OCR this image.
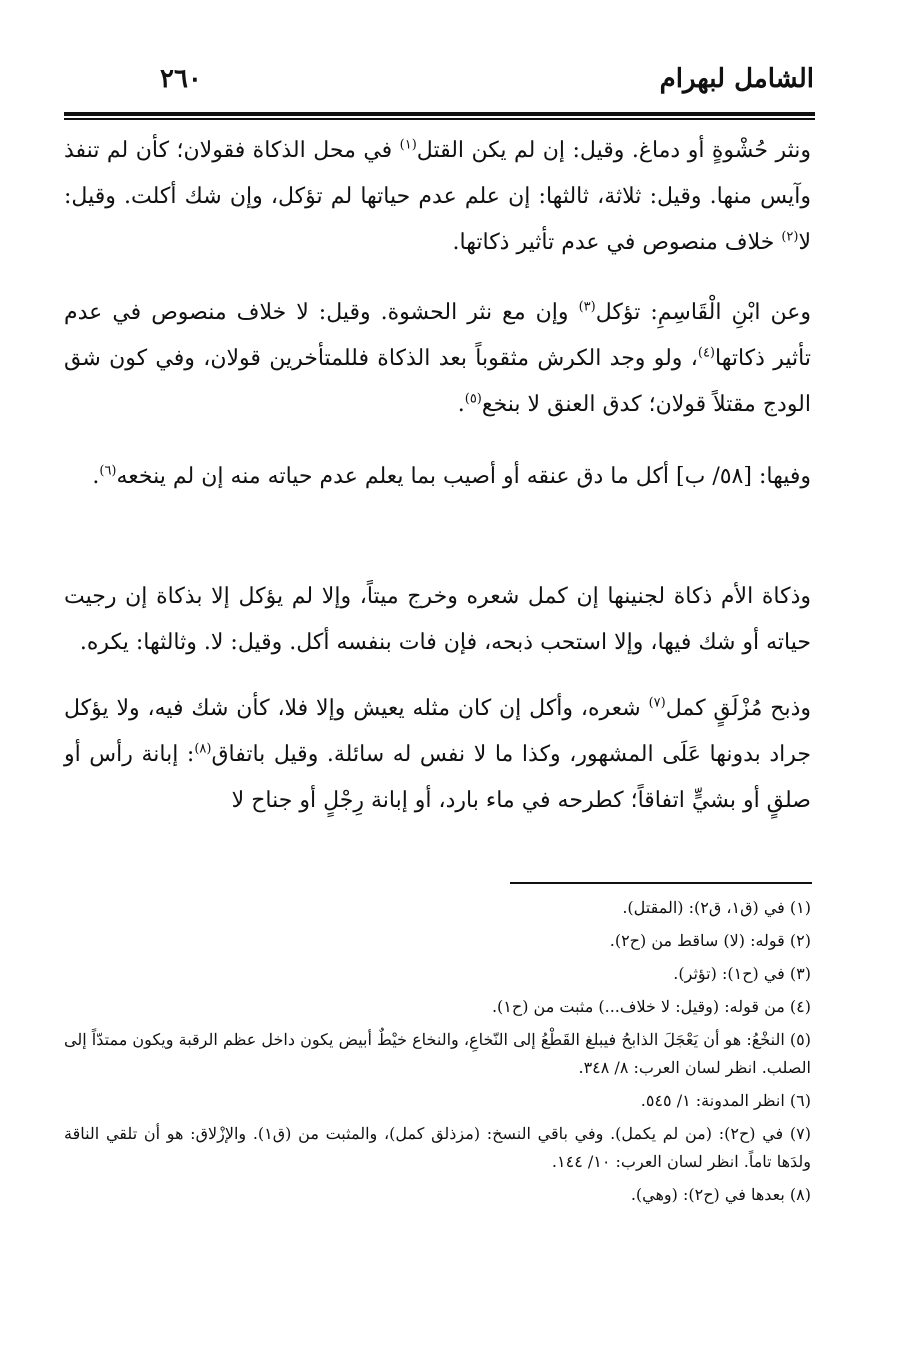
٢٦٠	الشامل لبهرام
ونثر حُشْوةٍ أو دماغ. وقيل: إن لم يكن القتل$^{(١)}$ في محل الذكاة فقولان؛ كأن لم تنفذ وآيس منها. وقيل: ثلاثة، ثالثها: إن علم عدم حياتها لم تؤكل، وإن شك أكلت. وقيل: لا$^{(٢)}$ خلاف منصوص في عدم تأثير ذكاتها.
وعن ابْنِ الْقَاسِمِ: تؤكل$^{(٣)}$ وإن مع نثر الحشوة. وقيل: لا خلاف منصوص في عدم تأثير ذكاتها$^{(٤)}$، ولو وجد الكرش مثقوباً بعد الذكاة فللمتأخرين قولان، وفي كون شق الودج مقتلاً قولان؛ كدق العنق لا بنخع$^{(٥)}$.
وفيها: [٥٨/ ب] أكل ما دق عنقه أو أصيب بما يعلم عدم حياته منه إن لم ينخعه$^{(٦)}$.
وذكاة الأم ذكاة لجنينها إن كمل شعره وخرج ميتاً، وإلا لم يؤكل إلا بذكاة إن رجيت حياته أو شك فيها، وإلا استحب ذبحه، فإن فات بنفسه أكل. وقيل: لا. وثالثها: يكره.
وذبح مُزْلَقٍ كمل$^{(٧)}$ شعره، وأكل إن كان مثله يعيش وإلا فلا، كأن شك فيه، ولا يؤكل جراد بدونها عَلَى المشهور، وكذا ما لا نفس له سائلة. وقيل باتفاق$^{(٨)}$: إبانة رأس أو صلقٍ أو بشيٍّ اتفاقاً؛ كطرحه في ماء بارد، أو إبانة رِجْلٍ أو جناح لا

(١) في (ق١، ق٢): (المقتل).

(٢) قوله: (لا) ساقط من (ح٢).

(٣) في (ح١): (تؤثر).

(٤) من قوله: (وقيل: لا خلاف...) مثبت من (ح١).

(٥) النخْعُ: هو أن يَعْجَلَ الذابحُ فيبلغ القَطْعُ إلى النّخاعِ، والنخاع خيْطٌ أبيض يكون داخل عظم الرقبة ويكون ممتدّاً إلى الصلب. انظر لسان العرب: ٨/ ٣٤٨.

(٦) انظر المدونة: ١/ ٥٤٥.

(٧) في (ح٢): (من لم يكمل). وفي باقي النسخ: (مزذلق كمل)، والمثبت من (ق١). والإزْلاق: هو أن تلقي الناقة ولدَها تاماً. انظر لسان العرب: ١٠/ ١٤٤.

(٨) بعدها في (ح٢): (وهي).
